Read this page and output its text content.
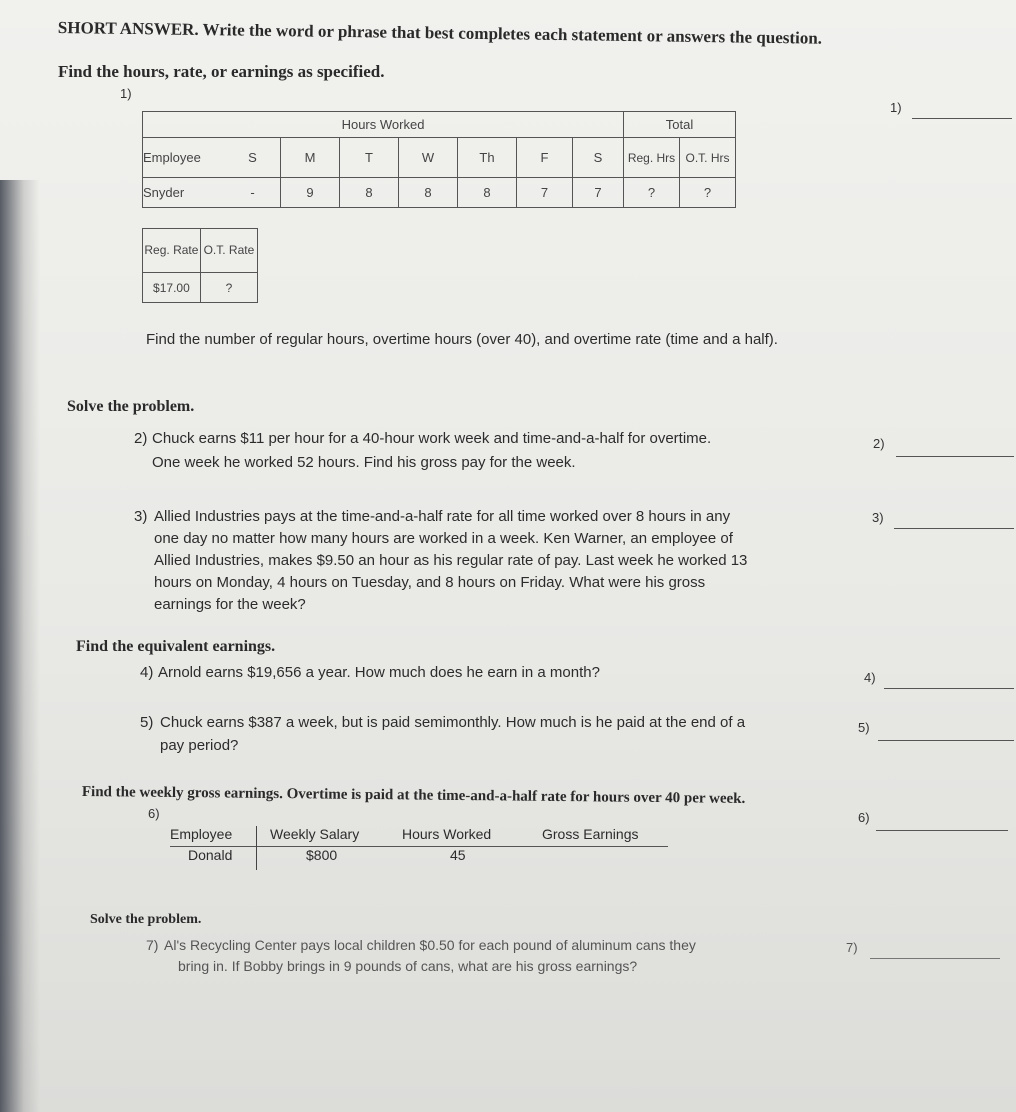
SHORT ANSWER. Write the word or phrase that best completes each statement or answers the question.
Find the hours, rate, or earnings as specified.
1)
1)
Hours Worked								Total	
Employee	S	M	T	W	Th	F	S	Reg. Hrs	O.T. Hrs
Snyder	-	9	8	8	8	7	7	?	?
Reg. Rate	O.T. Rate
$17.00	?
Find the number of regular hours, overtime hours (over 40), and overtime rate (time and a half).
Solve the problem.
2) Chuck earns $11 per hour for a 40-hour work week and time-and-a-half for overtime.
One week he worked 52 hours. Find his gross pay for the week.
2)
3) Allied Industries pays at the time-and-a-half rate for all time worked over 8 hours in any
one day no matter how many hours are worked in a week. Ken Warner, an employee of
Allied Industries, makes $9.50 an hour as his regular rate of pay. Last week he worked 13
hours on Monday, 4 hours on Tuesday, and 8 hours on Friday. What were his gross
earnings for the week?
3)
Find the equivalent earnings.
4) Arnold earns $19,656 a year. How much does he earn in a month?	4)
5) Chuck earns $387 a week, but is paid semimonthly. How much is he paid at the end of a
pay period?
5)
Find the weekly gross earnings. Overtime is paid at the time-and-a-half rate for hours over 40 per week.
6)	6)
Employee	Weekly Salary	Hours Worked	Gross Earnings
Donald	$800	45
Solve the problem.
7) Al's Recycling Center pays local children $0.50 for each pound of aluminum cans they
bring in. If Bobby brings in 9 pounds of cans, what are his gross earnings?
7)
